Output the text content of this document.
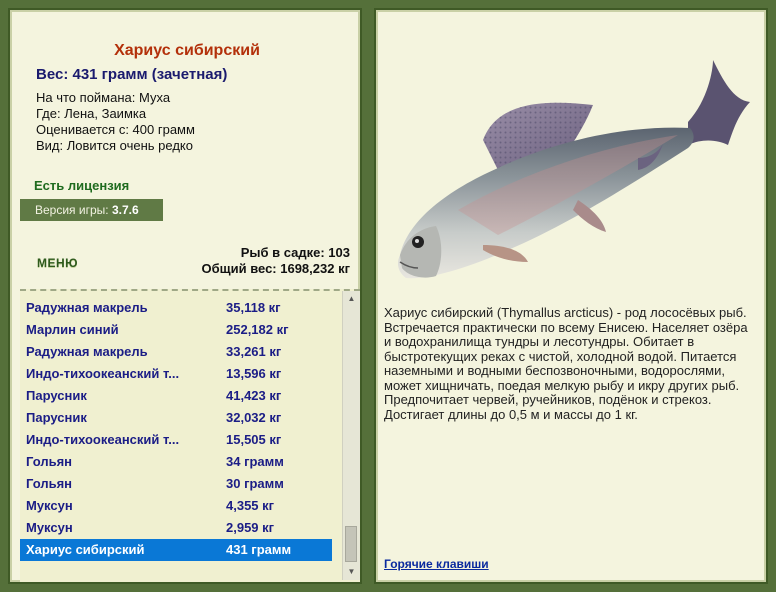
Хариус сибирский
Вес: 431 грамм (зачетная)
На что поймана: Муха
Где: Лена, Заимка
Оценивается с: 400 грамм
Вид: Ловится очень редко
Есть лицензия
Версия игры: 3.7.6
МЕНЮ
Рыб в садке: 103
Общий вес: 1698,232 кг
Радужная макрель	35,118 кг
Марлин синий	252,182 кг
Радужная макрель	33,261 кг
Индо-тихоокеанский т...	13,596 кг
Парусник	41,423 кг
Парусник	32,032 кг
Индо-тихоокеанский т...	15,505 кг
Гольян	34 грамм
Гольян	30 грамм
Муксун	4,355 кг
Муксун	2,959 кг
Хариус сибирский	431 грамм
▲
▼
Хариус сибирский (Thymallus arcticus) - род лососёвых рыб. Встречается практически по всему Енисею. Населяет озёра и водохранилища тундры и лесотундры. Обитает в быстротекущих реках с чистой, холодной водой. Питается наземными и водными беспозвоночными, водорослями, может хищничать, поедая мелкую рыбу и икру других рыб. Предпочитает червей, ручейников, подёнок и стрекоз. Достигает длины до 0,5 м и массы до 1 кг.
Горячие клавиши
